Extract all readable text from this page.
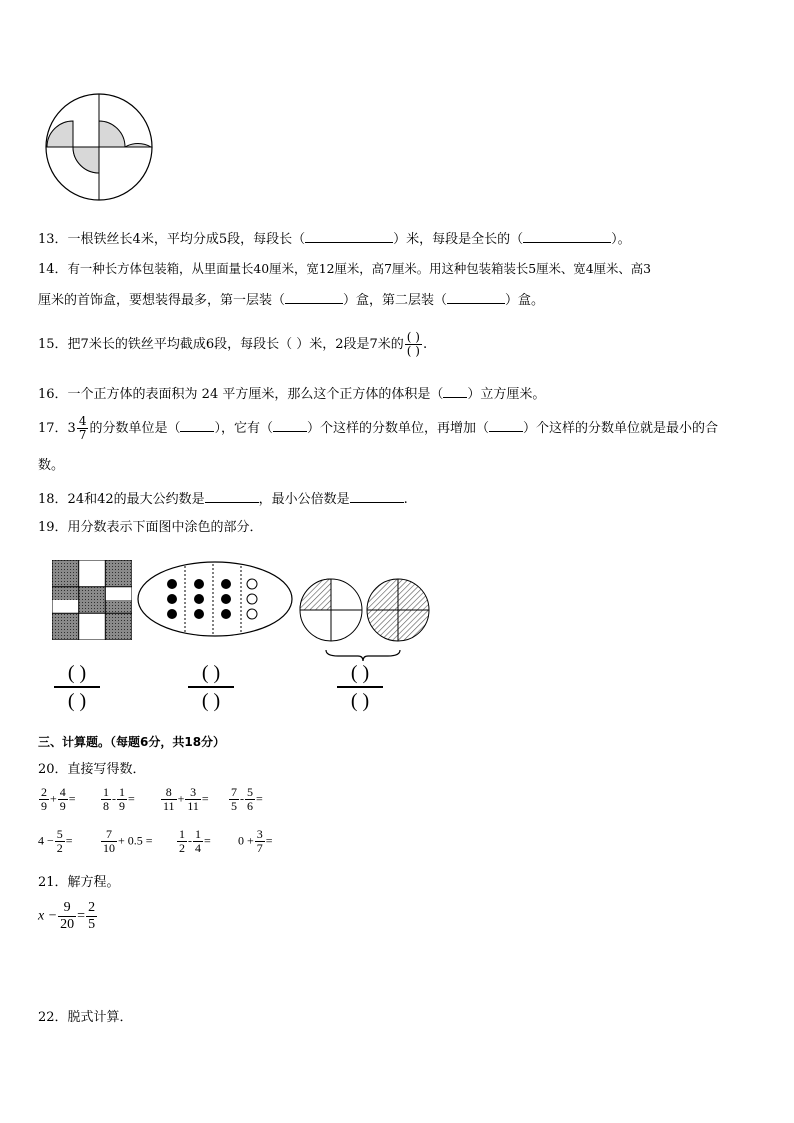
13．一根铁丝长4米，平均分成5段，每段长（	）米，每段是全长的（	）。
14．有一种长方体包装箱，从里面量长40厘米，宽12厘米，高7厘米。用这种包装箱装长5厘米、宽4厘米、高3
厘米的首饰盒，要想装得最多，第一层装（	）盒，第二层装（	）盒。
15．把7米长的铁丝平均截成6段，每段长（ ）米，2段是7米的 $\frac{( )}{( )}$ .
16．一个正方体的表面积为 24 平方厘米，那么这个正方体的体积是（ ）立方厘米。
17．$3 \frac{4}{7}$ 的分数单位是（	），它有（	）个这样的分数单位，再增加（	）个这样的分数单位就是最小的合
数。
18．24和42的最大公约数是	，最小公倍数是	.
19．用分数表示下面图中涂色的部分．
( )
( )
( )
( )
( )
( )
三、计算题。（每题6分，共18分）
20．直接写得数．
$\frac{2}{9} + \frac{4}{9} = \frac{1}{8} - \frac{1}{9} = \frac{8}{11} + \frac{3}{11} = \frac{7}{5} - \frac{5}{6}$ =
$4 - \frac{5}{2} = \frac{7}{10} + 0.5 = \frac{1}{2} - \frac{1}{4} = 0 + \frac{3}{7}$ =
21．解方程。
$x - \frac{9}{20} = \frac{2}{5}$
22．脱式计算．
